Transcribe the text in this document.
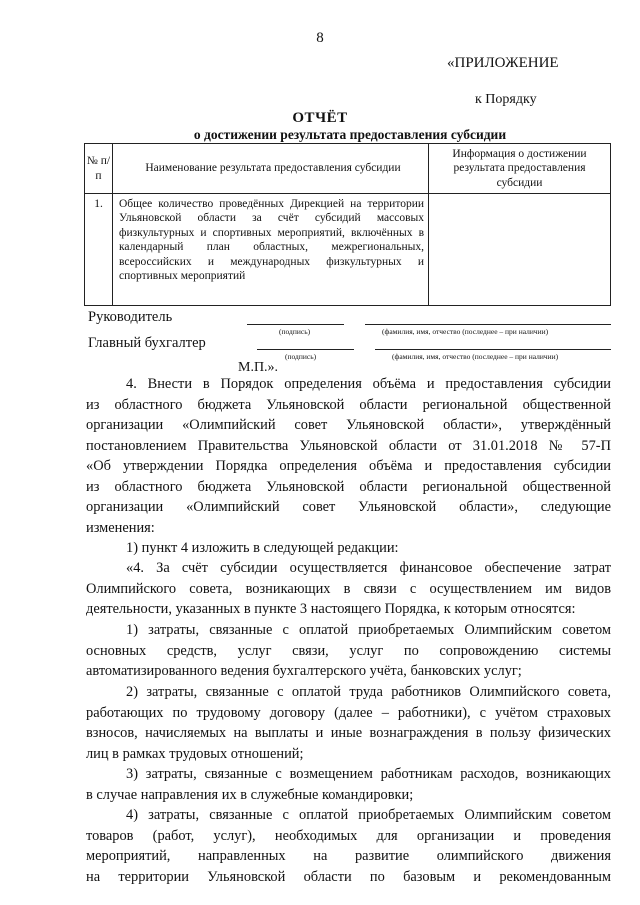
8
«ПРИЛОЖЕНИЕ
к Порядку
ОТЧЁТ
о достижении результата предоставления субсидии
№ п/п	Наименование результата предоставления субсидии	Информация о достижении результата предоставления субсидии
1.	Общее количество проведённых Дирекцией на территории Ульяновской области за счёт субсидий массовых физкультурных и спортивных мероприятий, включённых в календарный план областных, межрегиональных, всероссийских и международных физкультурных и спортивных мероприятий	
Руководитель
(подпись)	(фамилия, имя, отчество (последнее – при наличии)
Главный бухгалтер
(подпись)	(фамилия, имя, отчество (последнее – при наличии)
М.П.».
4. Внести в Порядок определения объёма и предоставления субсидии
из областного бюджета Ульяновской области региональной общественной
организации «Олимпийский совет Ульяновской области», утверждённый
постановлением Правительства Ульяновской области от 31.01.2018 № 57-П
«Об утверждении Порядка определения объёма и предоставления субсидии
из областного бюджета Ульяновской области региональной общественной
организации «Олимпийский совет Ульяновской области», следующие
изменения:
1) пункт 4 изложить в следующей редакции:
«4. За счёт субсидии осуществляется финансовое обеспечение затрат
Олимпийского совета, возникающих в связи с осуществлением им видов
деятельности, указанных в пункте 3 настоящего Порядка, к которым относятся:
1) затраты, связанные с оплатой приобретаемых Олимпийским советом
основных средств, услуг связи, услуг по сопровождению системы
автоматизированного ведения бухгалтерского учёта, банковских услуг;
2) затраты, связанные с оплатой труда работников Олимпийского совета,
работающих по трудовому договору (далее – работники), с учётом страховых
взносов, начисляемых на выплаты и иные вознаграждения в пользу физических
лиц в рамках трудовых отношений;
3) затраты, связанные с возмещением работникам расходов, возникающих
в случае направления их в служебные командировки;
4) затраты, связанные с оплатой приобретаемых Олимпийским советом
товаров (работ, услуг), необходимых для организации и проведения
мероприятий, направленных на развитие олимпийского движения
на территории Ульяновской области по базовым и рекомендованным
